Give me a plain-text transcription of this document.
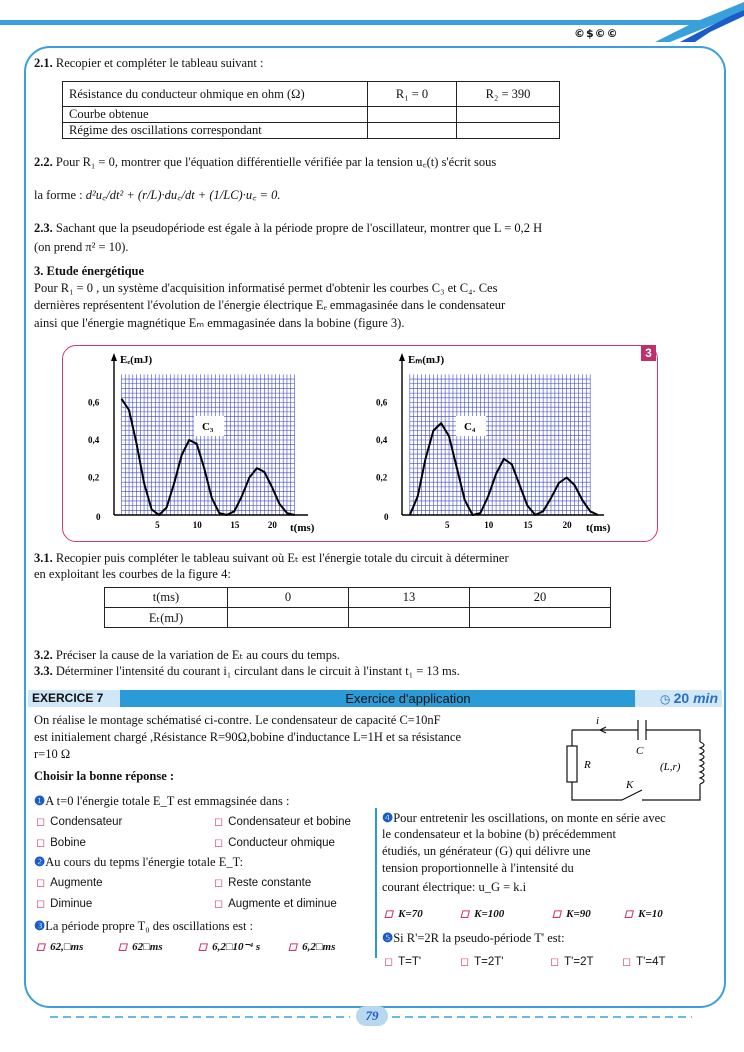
©$©©

2.1. Recopier et compléter le tableau suivant :

Résistance du conducteur ohmique en ohm (Ω)	R₁ = 0	R₂ = 390
Courbe obtenue		
Régime des oscillations correspondant		

2.2. Pour R₁ = 0, montrer que l'équation différentielle vérifiée par la tension u꜀(t) s'écrit sous

la forme : d²u꜀/dt² + (r/L)·du꜀/dt + (1/LC)·u꜀ = 0.

2.3. Sachant que la pseudopériode est égale à la période propre de l'oscillateur, montrer que L = 0,2 H

(on prend π² = 10).

3. Etude énergétique

Pour R₁ = 0 , un système d'acquisition informatisé permet d'obtenir les courbes C₃ et C₄. Ces

dernières représentent l'évolution de l'énergie électrique Eₑ emmagasinée dans le condensateur

ainsi que l'énergie magnétique Eₘ emmagasinée dans la bobine (figure 3).

3
5	10	15	20
0,2
0,4
0,6
0
Eₑ(mJ)
t(ms)
C₃
5	10	15	20
0,2
0,4
0,6
0
Eₘ(mJ)
t(ms)
C₄

3.1. Recopier puis compléter le tableau suivant où Eₜ est l'énergie totale du circuit à déterminer

en exploitant les courbes de la figure 4:

t(ms)	0	13	20
Eₜ(mJ)			

3.2. Préciser la cause de la variation de Eₜ au cours du temps.

3.3. Déterminer l'intensité du courant i₁ circulant dans le circuit à l'instant t₁ = 13 ms.

EXERCICE 7	Exercice d'application	◷ 20 min

On réalise le montage schématisé ci-contre. Le condensateur de capacité C=10nF

est initialement chargé ,Résistance R=90Ω,bobine d'inductance L=1H et sa résistance

r=10 Ω

Choisir la bonne réponse :

i
C
R	(L,r)
K

❶A t=0 l'énergie totale E_T est emmagsinée dans :

◻ Condensateur	◻ Condensateur et bobine
◻ Bobine	◻ Conducteur ohmique

❷Au cours du tepms l'énergie totale E_T:

◻ Augmente	◻ Reste constante
◻ Diminue	◻ Augmente et diminue

❸La période propre T₀ des oscillations est :

◻ 62,□ms	◻ 62□ms	◻ 6,2□10⁻⁴ s	◻ 6,2□ms

❹Pour entretenir les oscillations, on monte en série avec

le condensateur et la bobine (b) précédemment

étudiés, un générateur (G) qui délivre une

tension proportionnelle à l'intensité du

courant électrique: u_G = k.i

◻ K=70	◻ K=100	◻ K=90	◻ K=10

❺Si R'=2R la pseudo-période T' est:

◻ T=T'	◻ T=2T'	◻ T'=2T	◻ T'=4T
79
